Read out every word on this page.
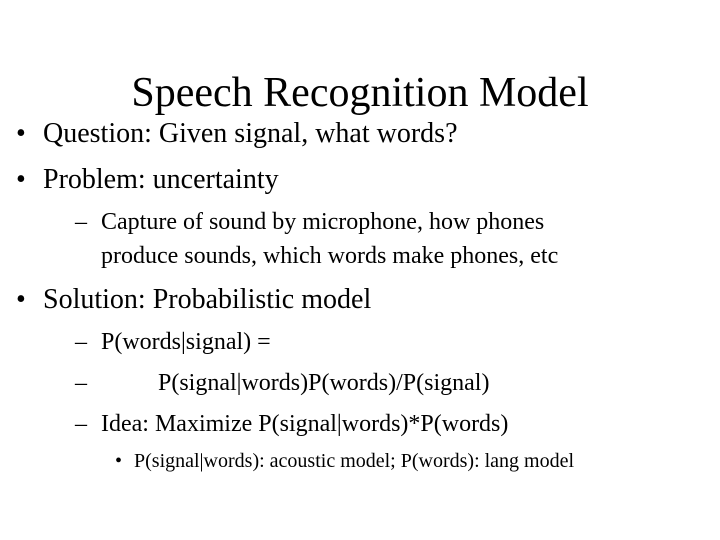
Speech Recognition Model
• Question: Given signal, what words?
• Problem: uncertainty
– Capture of sound by microphone, how phones
produce sounds, which words make phones, etc
• Solution: Probabilistic model
– P(words|signal) =
–	P(signal|words)P(words)/P(signal)
– Idea: Maximize P(signal|words)*P(words)
• P(signal|words): acoustic model; P(words): lang model
